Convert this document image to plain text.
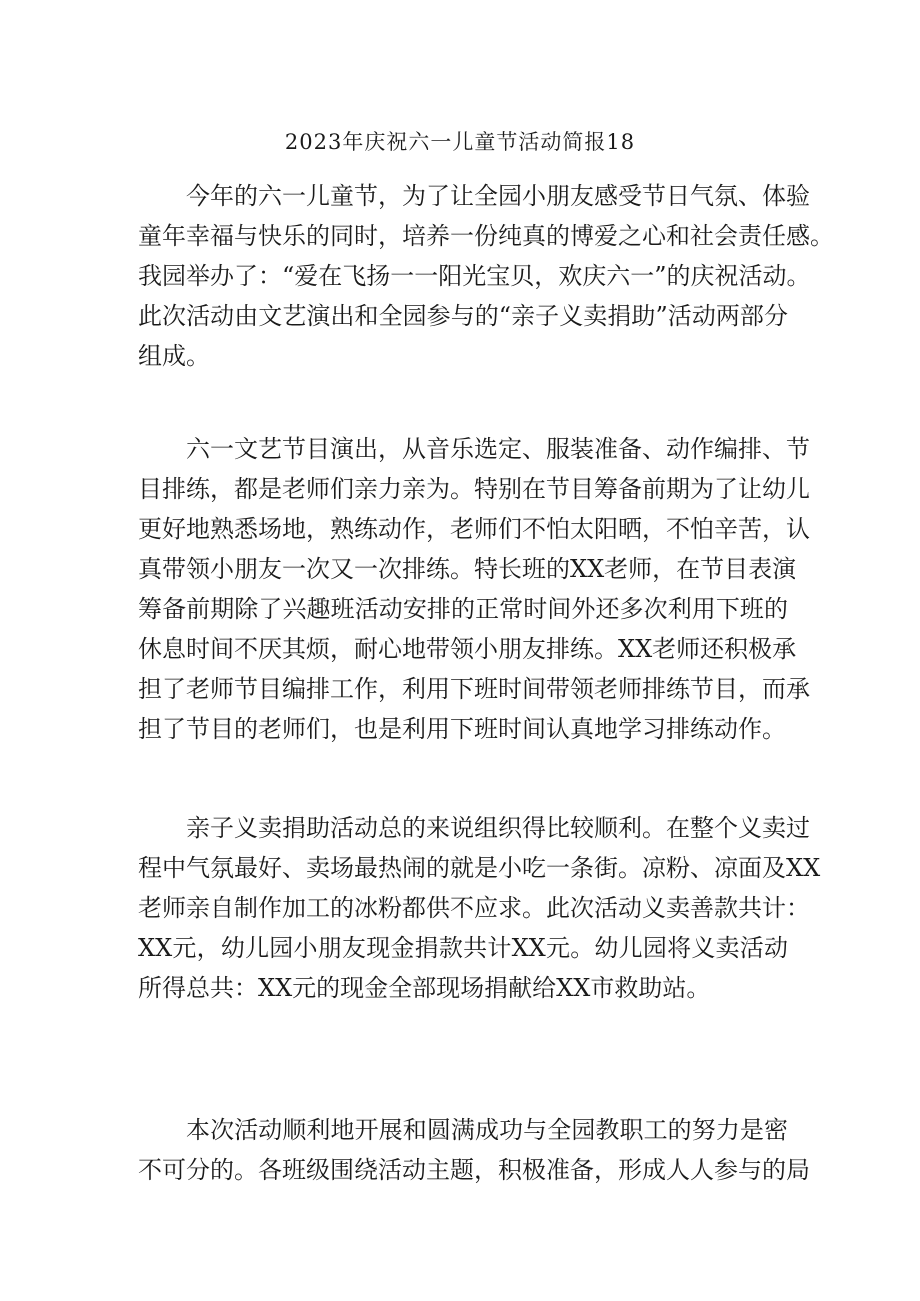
2023年庆祝六一儿童节活动简报18
今年的六一儿童节，为了让全园小朋友感受节日气氛、体验
童年幸福与快乐的同时，培养一份纯真的博爱之心和社会责任感。
我园举办了：“爱在飞扬一一阳光宝贝，欢庆六一”的庆祝活动。
此次活动由文艺演出和全园参与的“亲子义卖捐助”活动两部分
组成。
六一文艺节目演出，从音乐选定、服装准备、动作编排、节
目排练，都是老师们亲力亲为。特别在节目筹备前期为了让幼儿
更好地熟悉场地，熟练动作，老师们不怕太阳晒，不怕辛苦，认
真带领小朋友一次又一次排练。特长班的XX老师，在节目表演
筹备前期除了兴趣班活动安排的正常时间外还多次利用下班的
休息时间不厌其烦，耐心地带领小朋友排练。XX老师还积极承
担了老师节目编排工作，利用下班时间带领老师排练节目，而承
担了节目的老师们，也是利用下班时间认真地学习排练动作。
亲子义卖捐助活动总的来说组织得比较顺利。在整个义卖过
程中气氛最好、卖场最热闹的就是小吃一条街。凉粉、凉面及XX
老师亲自制作加工的冰粉都供不应求。此次活动义卖善款共计：
XX元，幼儿园小朋友现金捐款共计XX元。幼儿园将义卖活动
所得总共：XX元的现金全部现场捐献给XX市救助站。
本次活动顺利地开展和圆满成功与全园教职工的努力是密
不可分的。各班级围绕活动主题，积极准备，形成人人参与的局
